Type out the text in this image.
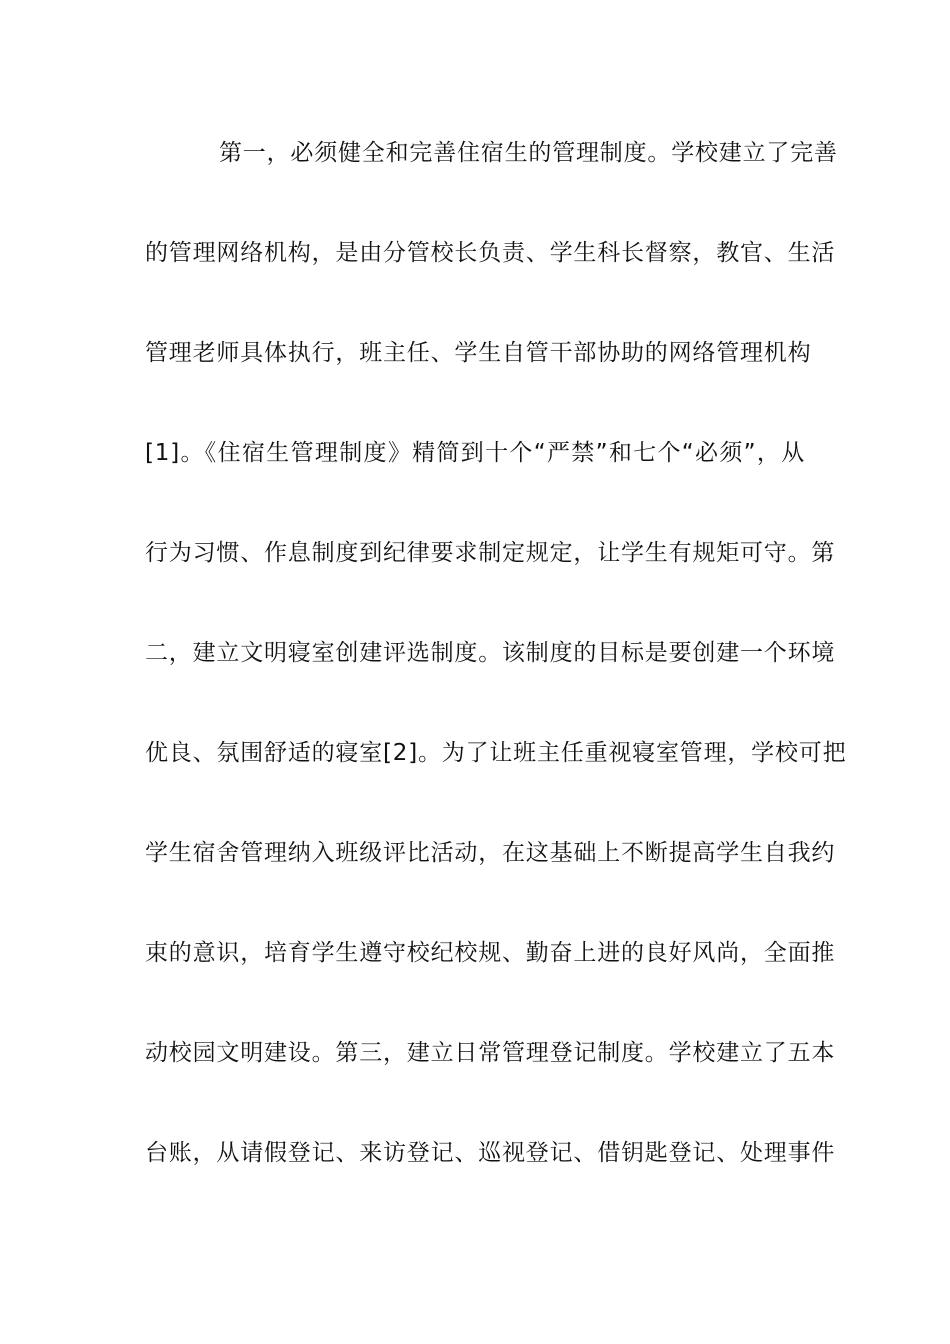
第一，必须健全和完善住宿生的管理制度。学校建立了完善
的管理网络机构，是由分管校长负责、学生科长督察，教官、生活
管理老师具体执行，班主任、学生自管干部协助的网络管理机构
[1]。《住宿生管理制度》精简到十个“严禁”和七个“必须”，从
行为习惯、作息制度到纪律要求制定规定，让学生有规矩可守。第
二，建立文明寝室创建评选制度。该制度的目标是要创建一个环境
优良、氛围舒适的寝室[2]。为了让班主任重视寝室管理，学校可把
学生宿舍管理纳入班级评比活动，在这基础上不断提高学生自我约
束的意识，培育学生遵守校纪校规、勤奋上进的良好风尚，全面推
动校园文明建设。第三，建立日常管理登记制度。学校建立了五本
台账，从请假登记、来访登记、巡视登记、借钥匙登记、处理事件
